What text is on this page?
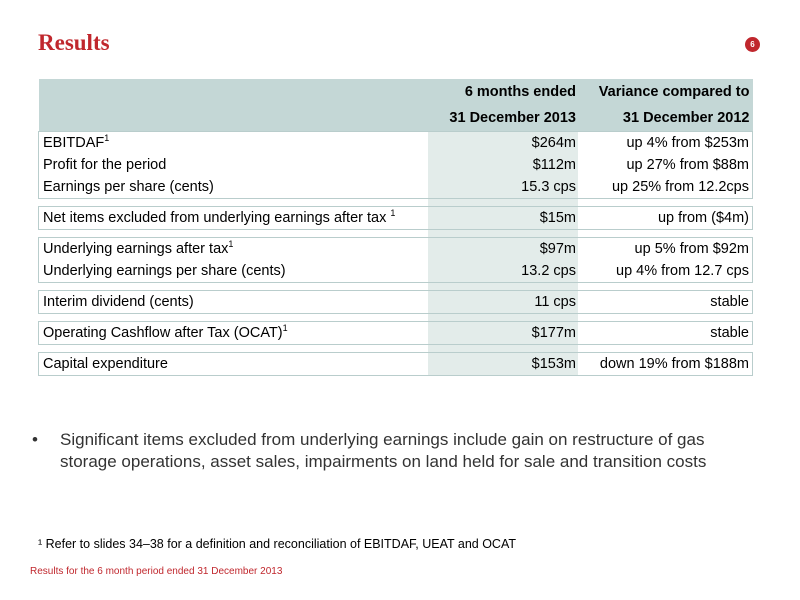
Results	6
	6 months ended	Variance compared to
	31 December 2013	31 December 2012
EBITDAF$^1$	$264m	up 4% from $253m
Profit for the period	$112m	up 27% from $88m
Earnings per share (cents)	15.3 cps	up 25% from 12.2cps

Net items excluded from underlying earnings after tax $^1$	$15m	up from ($4m)

Underlying earnings after tax$^1$	$97m	up 5% from $92m
Underlying earnings per share (cents)	13.2 cps	up 4% from 12.7 cps

Interim dividend (cents)	11 cps	stable

Operating Cashflow after Tax (OCAT)$^1$	$177m	stable

Capital expenditure	$153m	down 19% from $188m
•	Significant items excluded from underlying earnings include gain on restructure of gas storage operations, asset sales, impairments on land held for sale and transition costs
¹ Refer to slides 34–38 for a definition and reconciliation of EBITDAF, UEAT and OCAT
Results for the 6 month period ended 31 December 2013
